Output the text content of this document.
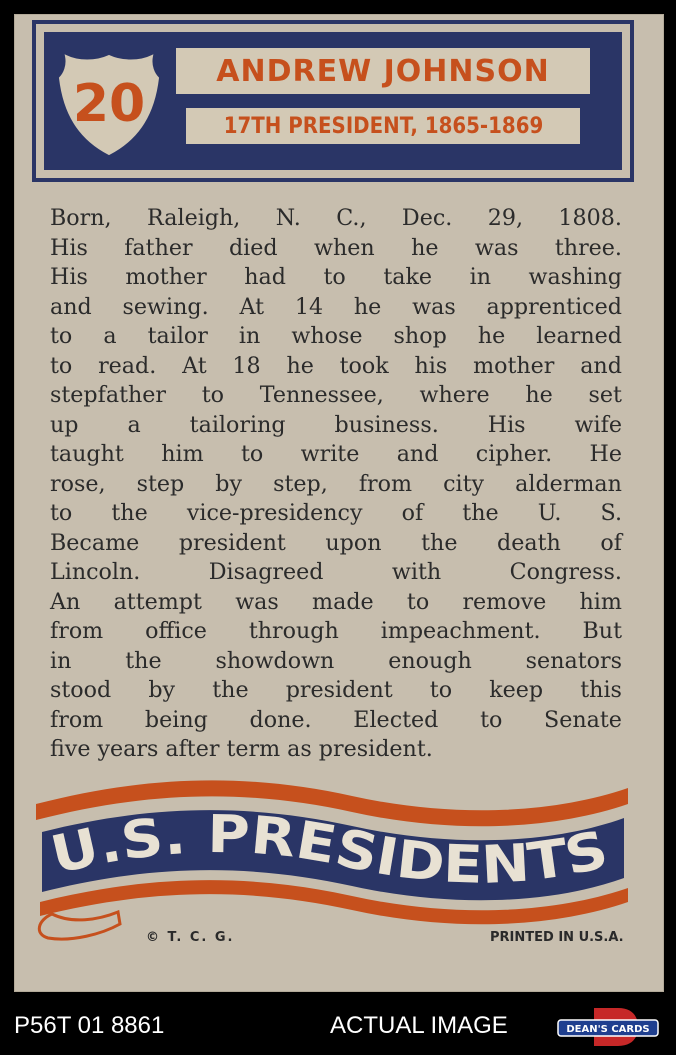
20
ANDREW JOHNSON
17TH PRESIDENT, 1865-1869
Born, Raleigh, N. C., Dec. 29, 1808.
His father died when he was three.
His mother had to take in washing
and sewing. At 14 he was apprenticed
to a tailor in whose shop he learned
to read. At 18 he took his mother and
stepfather to Tennessee, where he set
up a tailoring business. His wife
taught him to write and cipher. He
rose, step by step, from city alderman
to the vice-presidency of the U. S.
Became president upon the death of
Lincoln.	Disagreed	with	Congress.
An attempt was made to remove him
from office through impeachment. But
in the showdown enough senators
stood by the president to keep this
from being done. Elected to Senate
five years after term as president.
U.S. PRESIDENTS
© T. C. G.	PRINTED IN U.S.A.
P56T 01 8861	ACTUAL IMAGE	DEAN'S CARDS
